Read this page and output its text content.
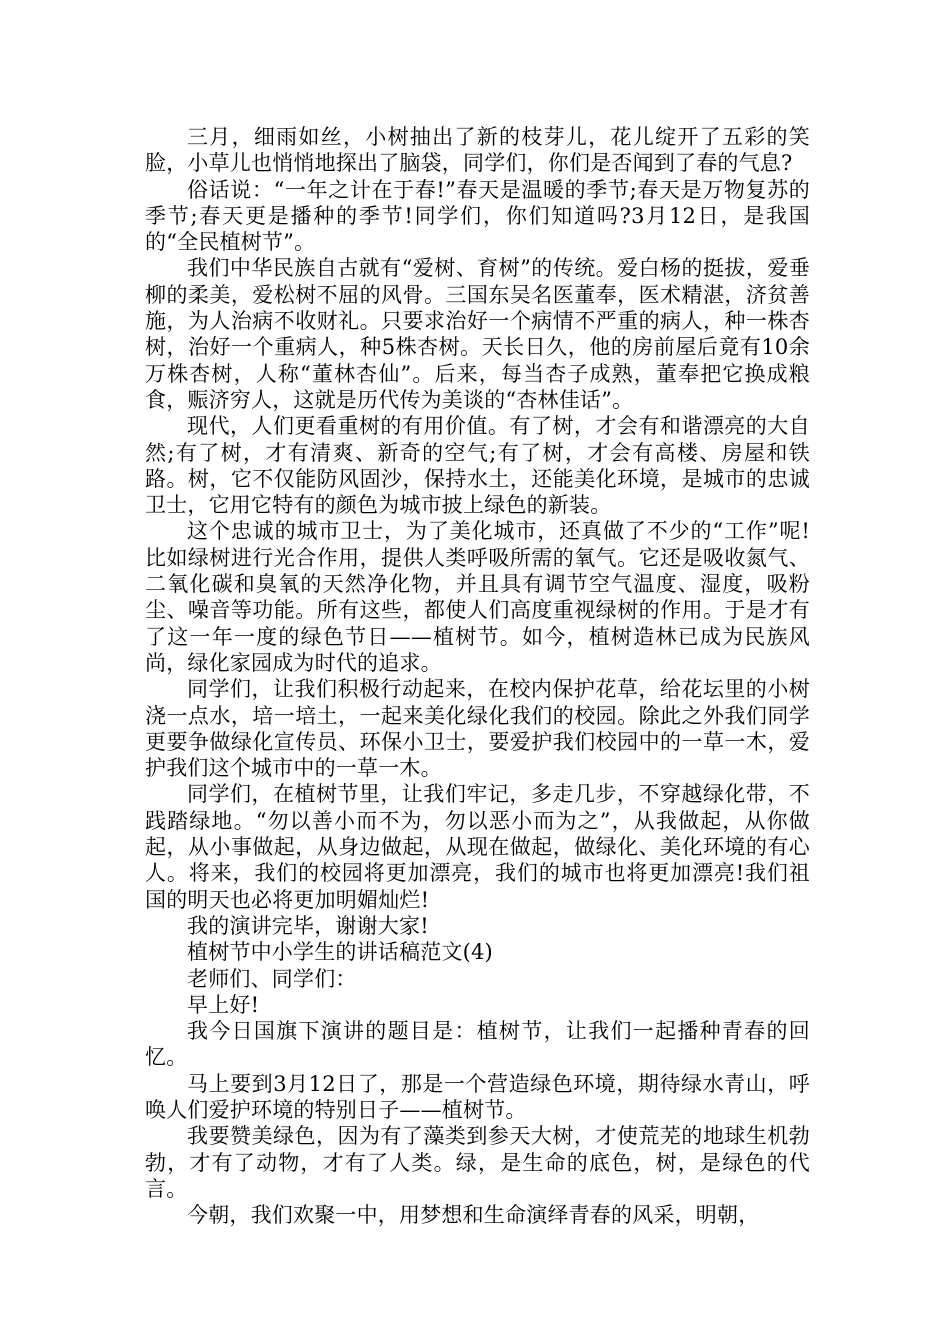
三月，细雨如丝，小树抽出了新的枝芽儿，花儿绽开了五彩的笑脸，小草儿也悄悄地探出了脑袋，同学们，你们是否闻到了春的气息?

俗话说：“一年之计在于春!”春天是温暖的季节;春天是万物复苏的季节;春天更是播种的季节!同学们，你们知道吗?3月12日，是我国的“全民植树节”。

我们中华民族自古就有“爱树、育树”的传统。爱白杨的挺拔，爱垂柳的柔美，爱松树不屈的风骨。三国东吴名医董奉，医术精湛，济贫善施，为人治病不收财礼。只要求治好一个病情不严重的病人，种一株杏树，治好一个重病人，种5株杏树。天长日久，他的房前屋后竟有10余万株杏树，人称“董林杏仙”。后来，每当杏子成熟，董奉把它换成粮食，赈济穷人，这就是历代传为美谈的“杏林佳话”。

现代，人们更看重树的有用价值。有了树，才会有和谐漂亮的大自然;有了树，才有清爽、新奇的空气;有了树，才会有高楼、房屋和铁路。树，它不仅能防风固沙，保持水土，还能美化环境，是城市的忠诚卫士，它用它特有的颜色为城市披上绿色的新装。

这个忠诚的城市卫士，为了美化城市，还真做了不少的“工作”呢!比如绿树进行光合作用，提供人类呼吸所需的氧气。它还是吸收氮气、二氧化碳和臭氧的天然净化物，并且具有调节空气温度、湿度，吸粉尘、噪音等功能。所有这些，都使人们高度重视绿树的作用。于是才有了这一年一度的绿色节日——植树节。如今，植树造林已成为民族风尚，绿化家园成为时代的追求。

同学们，让我们积极行动起来，在校内保护花草，给花坛里的小树浇一点水，培一培土，一起来美化绿化我们的校园。除此之外我们同学更要争做绿化宣传员、环保小卫士，要爱护我们校园中的一草一木，爱护我们这个城市中的一草一木。

同学们，在植树节里，让我们牢记，多走几步，不穿越绿化带，不践踏绿地。“勿以善小而不为，勿以恶小而为之”，从我做起，从你做起，从小事做起，从身边做起，从现在做起，做绿化、美化环境的有心人。将来，我们的校园将更加漂亮，我们的城市也将更加漂亮!我们祖国的明天也必将更加明媚灿烂!

我的演讲完毕，谢谢大家!

植树节中小学生的讲话稿范文(4)

老师们、同学们：

早上好!

我今日国旗下演讲的题目是：植树节，让我们一起播种青春的回忆。

马上要到3月12日了，那是一个营造绿色环境，期待绿水青山，呼唤人们爱护环境的特别日子——植树节。

我要赞美绿色，因为有了藻类到参天大树，才使荒芜的地球生机勃勃，才有了动物，才有了人类。绿，是生命的底色，树，是绿色的代言。

今朝，我们欢聚一中，用梦想和生命演绎青春的风采，明朝，
